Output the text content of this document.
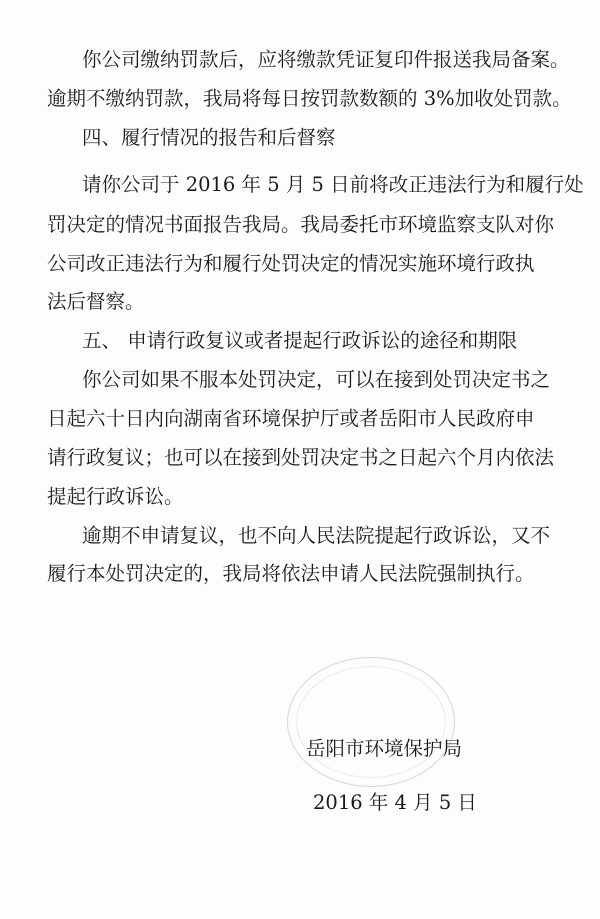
你公司缴纳罚款后，应将缴款凭证复印件报送我局备案。
逾期不缴纳罚款，我局将每日按罚款数额的 3%加收处罚款。
四、履行情况的报告和后督察
请你公司于 2016 年 5 月 5 日前将改正违法行为和履行处
罚决定的情况书面报告我局。我局委托市环境监察支队对你
公司改正违法行为和履行处罚决定的情况实施环境行政执
法后督察。
五、 申请行政复议或者提起行政诉讼的途径和期限
你公司如果不服本处罚决定，可以在接到处罚决定书之
日起六十日内向湖南省环境保护厅或者岳阳市人民政府申
请行政复议；也可以在接到处罚决定书之日起六个月内依法
提起行政诉讼。
逾期不申请复议，也不向人民法院提起行政诉讼，又不
履行本处罚决定的，我局将依法申请人民法院强制执行。
岳阳市环境保护局
2016 年 4 月 5 日
